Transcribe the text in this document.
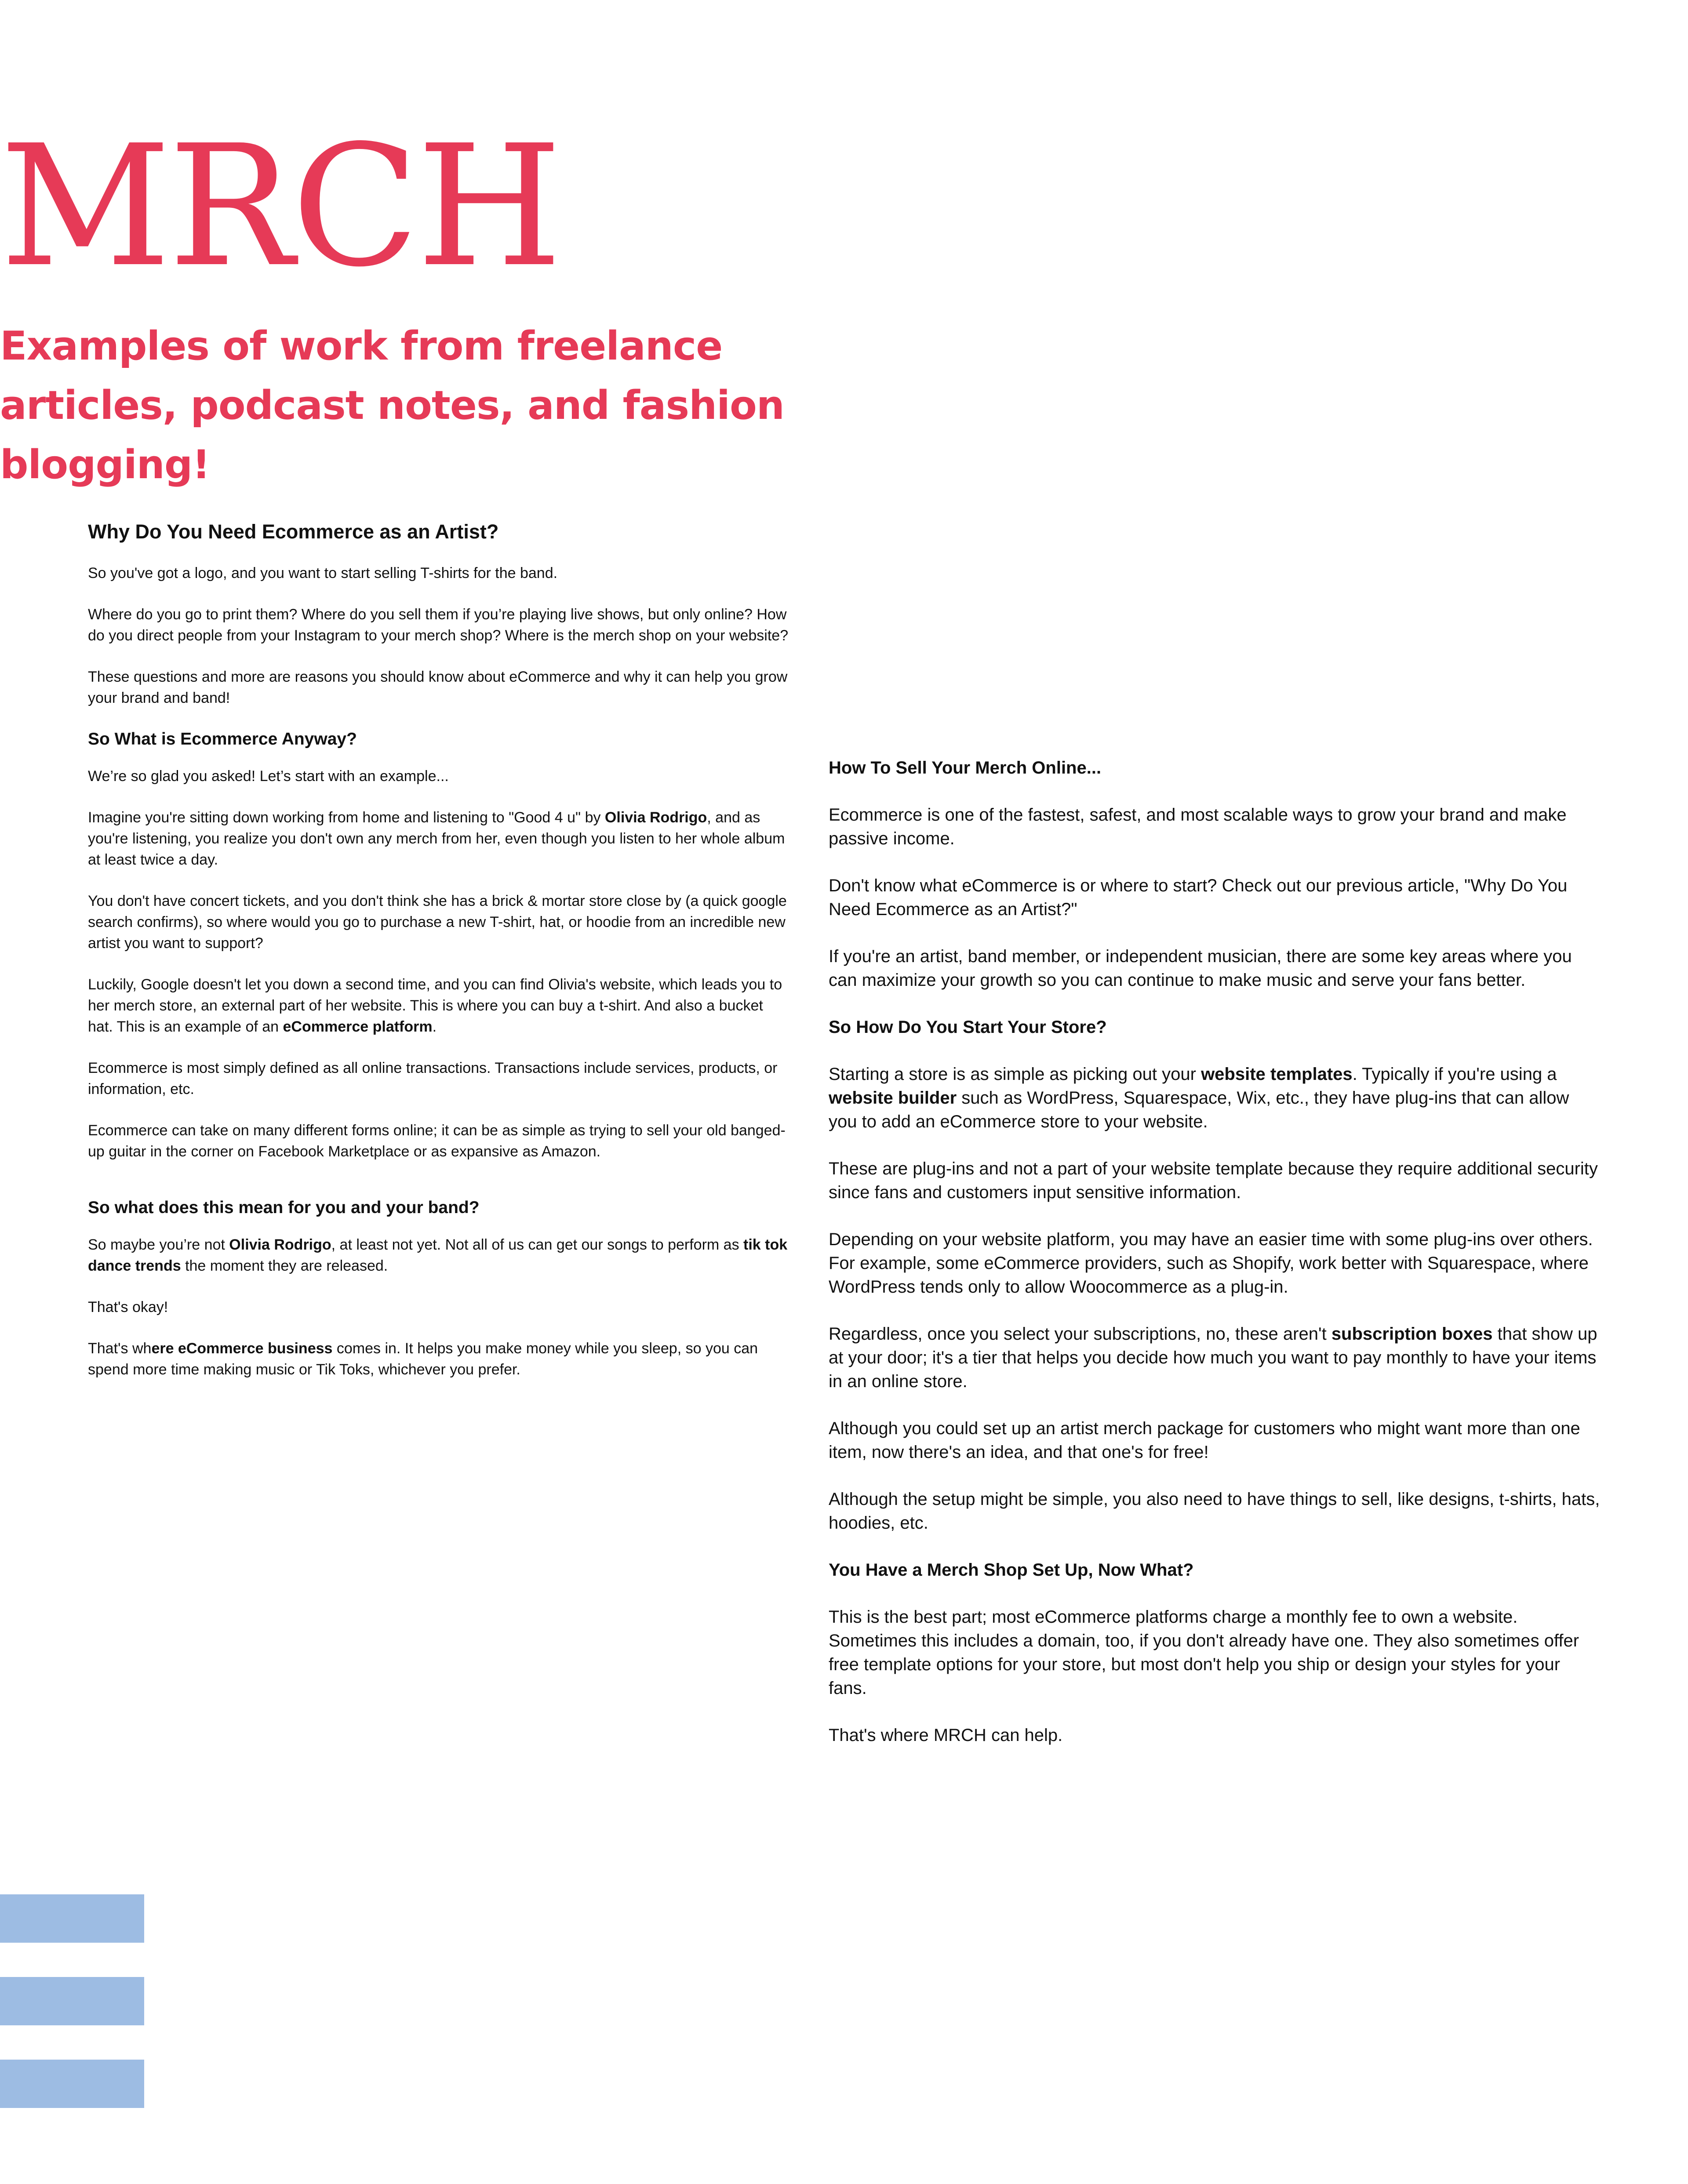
MRCH
Examples of work from freelance articles, podcast notes, and fashion blogging!
Why Do You Need Ecommerce as an Artist?

So you've got a logo, and you want to start selling T-shirts for the band.

Where do you go to print them? Where do you sell them if you’re playing live shows, but only online? How do you direct people from your Instagram to your merch shop? Where is the merch shop on your website?

These questions and more are reasons you should know about eCommerce and why it can help you grow your brand and band!

So What is Ecommerce Anyway?

We’re so glad you asked! Let’s start with an example...

Imagine you're sitting down working from home and listening to "Good 4 u" by Olivia Rodrigo, and as you're listening, you realize you don't own any merch from her, even though you listen to her whole album at least twice a day.

You don't have concert tickets, and you don't think she has a brick & mortar store close by (a quick google search confirms), so where would you go to purchase a new T-shirt, hat, or hoodie from an incredible new artist you want to support?

Luckily, Google doesn't let you down a second time, and you can find Olivia's website, which leads you to her merch store, an external part of her website. This is where you can buy a t-shirt. And also a bucket hat. This is an example of an eCommerce platform.

Ecommerce is most simply defined as all online transactions. Transactions include services, products, or information, etc.

Ecommerce can take on many different forms online; it can be as simple as trying to sell your old banged-up guitar in the corner on Facebook Marketplace or as expansive as Amazon.

So what does this mean for you and your band?

So maybe you’re not Olivia Rodrigo, at least not yet. Not all of us can get our songs to perform as tik tok dance trends the moment they are released.

That's okay!

That's where eCommerce business comes in. It helps you make money while you sleep, so you can spend more time making music or Tik Toks, whichever you prefer.

How To Sell Your Merch Online...

Ecommerce is one of the fastest, safest, and most scalable ways to grow your brand and make passive income.

Don't know what eCommerce is or where to start? Check out our previous article, "Why Do You Need Ecommerce as an Artist?"

If you're an artist, band member, or independent musician, there are some key areas where you can maximize your growth so you can continue to make music and serve your fans better.

So How Do You Start Your Store?

Starting a store is as simple as picking out your website templates. Typically if you're using a website builder such as WordPress, Squarespace, Wix, etc., they have plug-ins that can allow you to add an eCommerce store to your website.

These are plug-ins and not a part of your website template because they require additional security since fans and customers input sensitive information.

Depending on your website platform, you may have an easier time with some plug-ins over others. For example, some eCommerce providers, such as Shopify, work better with Squarespace, where WordPress tends only to allow Woocommerce as a plug-in.

Regardless, once you select your subscriptions, no, these aren't subscription boxes that show up at your door; it's a tier that helps you decide how much you want to pay monthly to have your items in an online store.

Although you could set up an artist merch package for customers who might want more than one item, now there's an idea, and that one's for free!

Although the setup might be simple, you also need to have things to sell, like designs, t-shirts, hats, hoodies, etc.

You Have a Merch Shop Set Up, Now What?

This is the best part; most eCommerce platforms charge a monthly fee to own a website. Sometimes this includes a domain, too, if you don't already have one. They also sometimes offer free template options for your store, but most don't help you ship or design your styles for your fans.

That's where MRCH can help.
